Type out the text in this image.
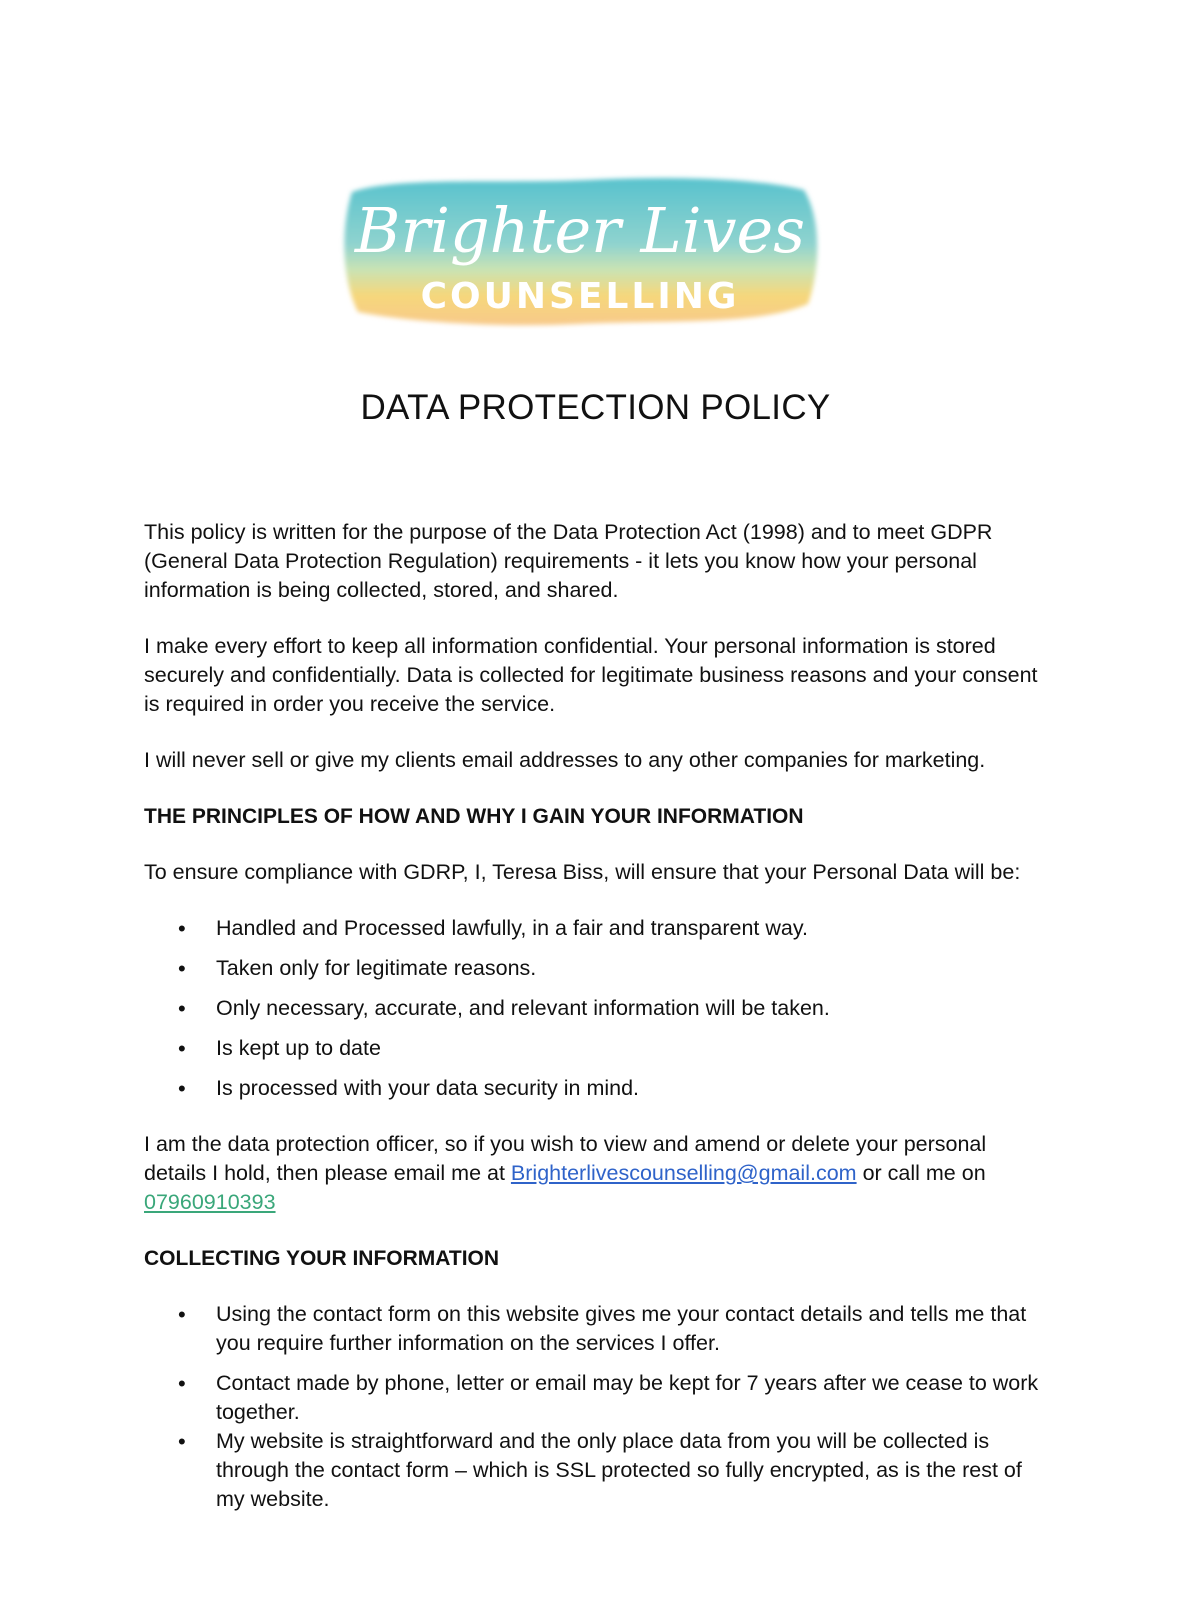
Brighter Lives
COUNSELLING
DATA PROTECTION POLICY

This policy is written for the purpose of the Data Protection Act (1998) and to meet GDPR (General Data Protection Regulation) requirements - it lets you know how your personal information is being collected, stored, and shared.

I make every effort to keep all information confidential. Your personal information is stored securely and confidentially. Data is collected for legitimate business reasons and your consent is required in order you receive the service.

I will never sell or give my clients email addresses to any other companies for marketing.

THE PRINCIPLES OF HOW AND WHY I GAIN YOUR INFORMATION

To ensure compliance with GDRP, I, Teresa Biss, will ensure that your Personal Data will be:

• Handled and Processed lawfully, in a fair and transparent way.
• Taken only for legitimate reasons.
• Only necessary, accurate, and relevant information will be taken.
• Is kept up to date
• Is processed with your data security in mind.

I am the data protection officer, so if you wish to view and amend or delete your personal details I hold, then please email me at Brighterlivescounselling@gmail.com or call me on 07960910393

COLLECTING YOUR INFORMATION

• Using the contact form on this website gives me your contact details and tells me that you require further information on the services I offer.
• Contact made by phone, letter or email may be kept for 7 years after we cease to work together.
• My website is straightforward and the only place data from you will be collected is through the contact form – which is SSL protected so fully encrypted, as is the rest of my website.
